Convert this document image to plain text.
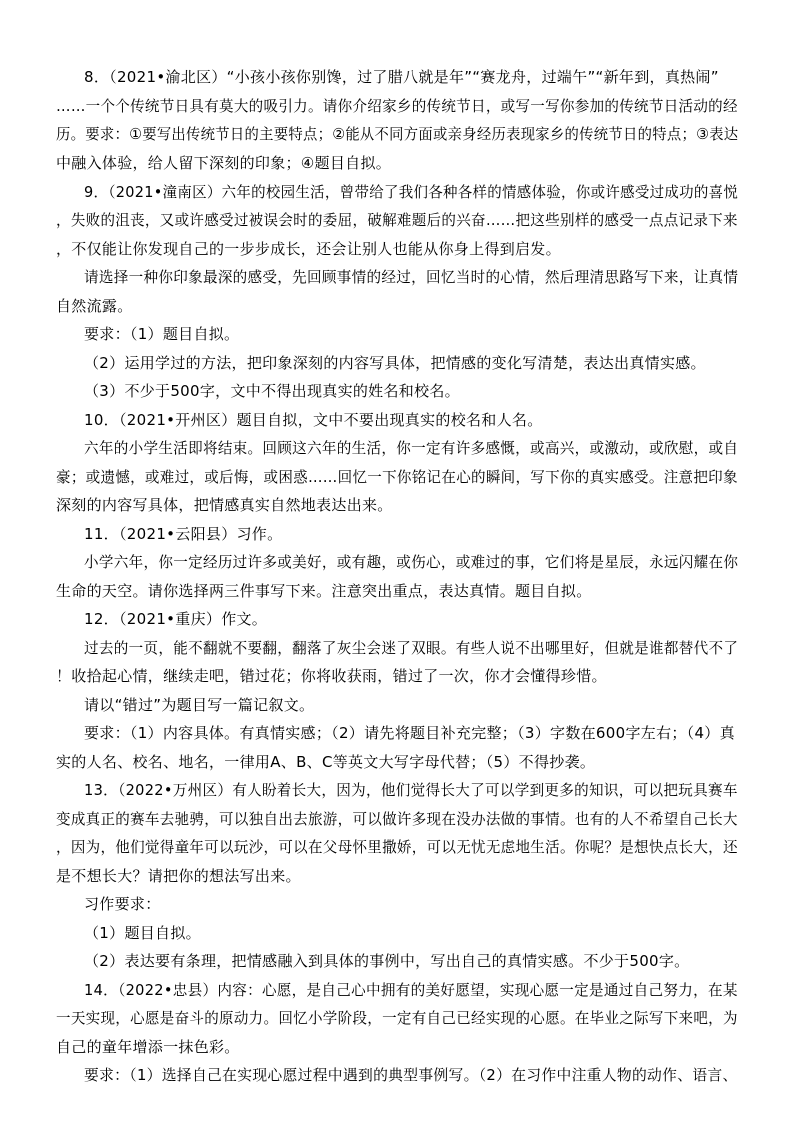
8．（2021•渝北区）“小孩小孩你别馋，过了腊八就是年”“赛龙舟，过端午”“新年到，真热闹”
……一个个传统节日具有莫大的吸引力。请你介绍家乡的传统节日，或写一写你参加的传统节日活动的经
历。要求：①要写出传统节日的主要特点；②能从不同方面或亲身经历表现家乡的传统节日的特点；③表达
中融入体验，给人留下深刻的印象；④题目自拟。
9．（2021•潼南区）六年的校园生活，曾带给了我们各种各样的情感体验，你或许感受过成功的喜悦
，失败的沮丧，又或许感受过被误会时的委屈，破解难题后的兴奋……把这些别样的感受一点点记录下来
，不仅能让你发现自己的一步步成长，还会让别人也能从你身上得到启发。
请选择一种你印象最深的感受，先回顾事情的经过，回忆当时的心情，然后理清思路写下来，让真情
自然流露。
要求：（1）题目自拟。
（2）运用学过的方法，把印象深刻的内容写具体，把情感的变化写清楚，表达出真情实感。
（3）不少于500字，文中不得出现真实的姓名和校名。
10．（2021•开州区）题目自拟，文中不要出现真实的校名和人名。
六年的小学生活即将结束。回顾这六年的生活，你一定有许多感慨，或高兴，或激动，或欣慰，或自
豪；或遗憾，或难过，或后悔，或困惑……回忆一下你铭记在心的瞬间，写下你的真实感受。注意把印象
深刻的内容写具体，把情感真实自然地表达出来。
11．（2021•云阳县）习作。
小学六年，你一定经历过许多或美好，或有趣，或伤心，或难过的事，它们将是星辰，永远闪耀在你
生命的天空。请你选择两三件事写下来。注意突出重点，表达真情。题目自拟。
12．（2021•重庆）作文。
过去的一页，能不翻就不要翻，翻落了灰尘会迷了双眼。有些人说不出哪里好，但就是谁都替代不了
！收拾起心情，继续走吧，错过花；你将收获雨，错过了一次，你才会懂得珍惜。
请以“错过”为题目写一篇记叙文。
要求：（1）内容具体。有真情实感；（2）请先将题目补充完整；（3）字数在600字左右；（4）真
实的人名、校名、地名，一律用A、B、C等英文大写字母代替；（5）不得抄袭。
13．（2022•万州区）有人盼着长大，因为，他们觉得长大了可以学到更多的知识，可以把玩具赛车
变成真正的赛车去驰骋，可以独自出去旅游，可以做许多现在没办法做的事情。也有的人不希望自己长大
，因为，他们觉得童年可以玩沙，可以在父母怀里撒娇，可以无忧无虑地生活。你呢？是想快点长大，还
是不想长大？请把你的想法写出来。
习作要求：
（1）题目自拟。
（2）表达要有条理，把情感融入到具体的事例中，写出自己的真情实感。不少于500字。
14．（2022•忠县）内容：心愿，是自己心中拥有的美好愿望，实现心愿一定是通过自己努力，在某
一天实现，心愿是奋斗的原动力。回忆小学阶段，一定有自己已经实现的心愿。在毕业之际写下来吧，为
自己的童年增添一抹色彩。
要求：（1）选择自己在实现心愿过程中遇到的典型事例写。（2）在习作中注重人物的动作、语言、
